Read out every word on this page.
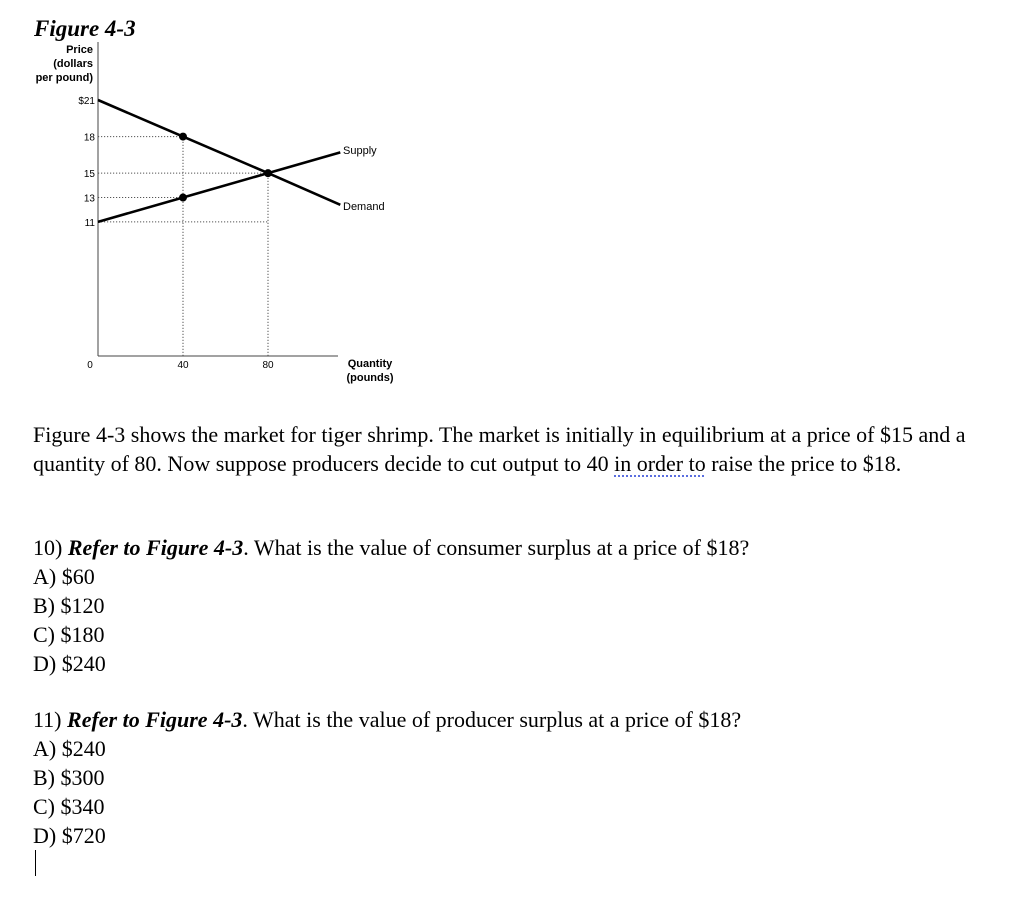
Figure 4-3
Price
(dollars
per pound)
$21
18
15
13
11
0	40	80
Supply
Demand
Quantity
(pounds)
Figure 4-3 shows the market for tiger shrimp. The market is initially in equilibrium at a price of $15 and a quantity of 80. Now suppose producers decide to cut output to 40 in order to raise the price to $18.
10) Refer to Figure 4-3. What is the value of consumer surplus at a price of $18?
A) $60
B) $120
C) $180
D) $240
11) Refer to Figure 4-3. What is the value of producer surplus at a price of $18?
A) $240
B) $300
C) $340
D) $720
